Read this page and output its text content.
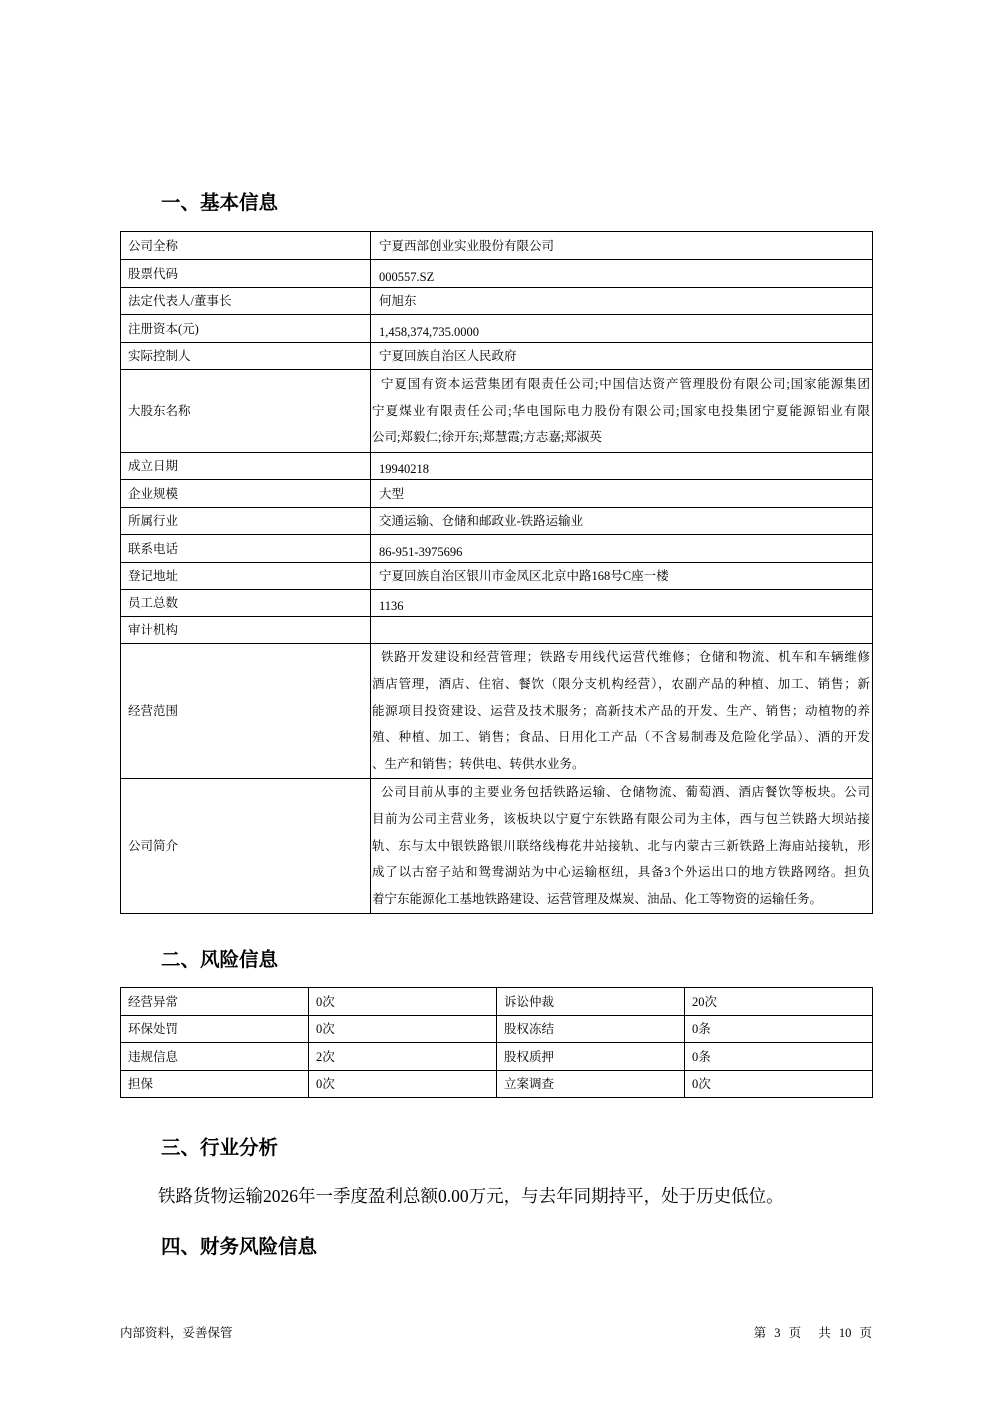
一、基本信息
公司全称	宁夏西部创业实业股份有限公司
股票代码	000557.SZ
法定代表人/董事长	何旭东
注册资本(元)	1,458,374,735.0000
实际控制人	宁夏回族自治区人民政府
大股东名称	宁夏国有资本运营集团有限责任公司;中国信达资产管理股份有限公司;国家能源集团
宁夏煤业有限责任公司;华电国际电力股份有限公司;国家电投集团宁夏能源铝业有限
公司;郑毅仁;徐开东;郑慧霞;方志嘉;郑淑英

成立日期	19940218
企业规模	大型
所属行业	交通运输、仓储和邮政业-铁路运输业
联系电话	86-951-3975696
登记地址	宁夏回族自治区银川市金凤区北京中路168号C座一楼
员工总数	1136
审计机构	
经营范围	铁路开发建设和经营管理；铁路专用线代运营代维修；仓储和物流、机车和车辆维修
酒店管理，酒店、住宿、餐饮（限分支机构经营），农副产品的种植、加工、销售；新
能源项目投资建设、运营及技术服务；高新技术产品的开发、生产、销售；动植物的养
殖、种植、加工、销售；食品、日用化工产品（不含易制毒及危险化学品）、酒的开发
、生产和销售；转供电、转供水业务。

公司简介	公司目前从事的主要业务包括铁路运输、仓储物流、葡萄酒、酒店餐饮等板块。公司
目前为公司主营业务，该板块以宁夏宁东铁路有限公司为主体，西与包兰铁路大坝站接
轨、东与太中银铁路银川联络线梅花井站接轨、北与内蒙古三新铁路上海庙站接轨，形
成了以古窑子站和鸳鸯湖站为中心运输枢纽，具备3个外运出口的地方铁路网络。担负
着宁东能源化工基地铁路建设、运营管理及煤炭、油品、化工等物资的运输任务。
二、风险信息
经营异常	0次	诉讼仲裁	20次
环保处罚	0次	股权冻结	0条
违规信息	2次	股权质押	0条
担保	0次	立案调查	0次
三、行业分析
铁路货物运输2026年一季度盈利总额0.00万元，与去年同期持平，处于历史低位。
四、财务风险信息
内部资料，妥善保管	第 3 页 共 10 页
